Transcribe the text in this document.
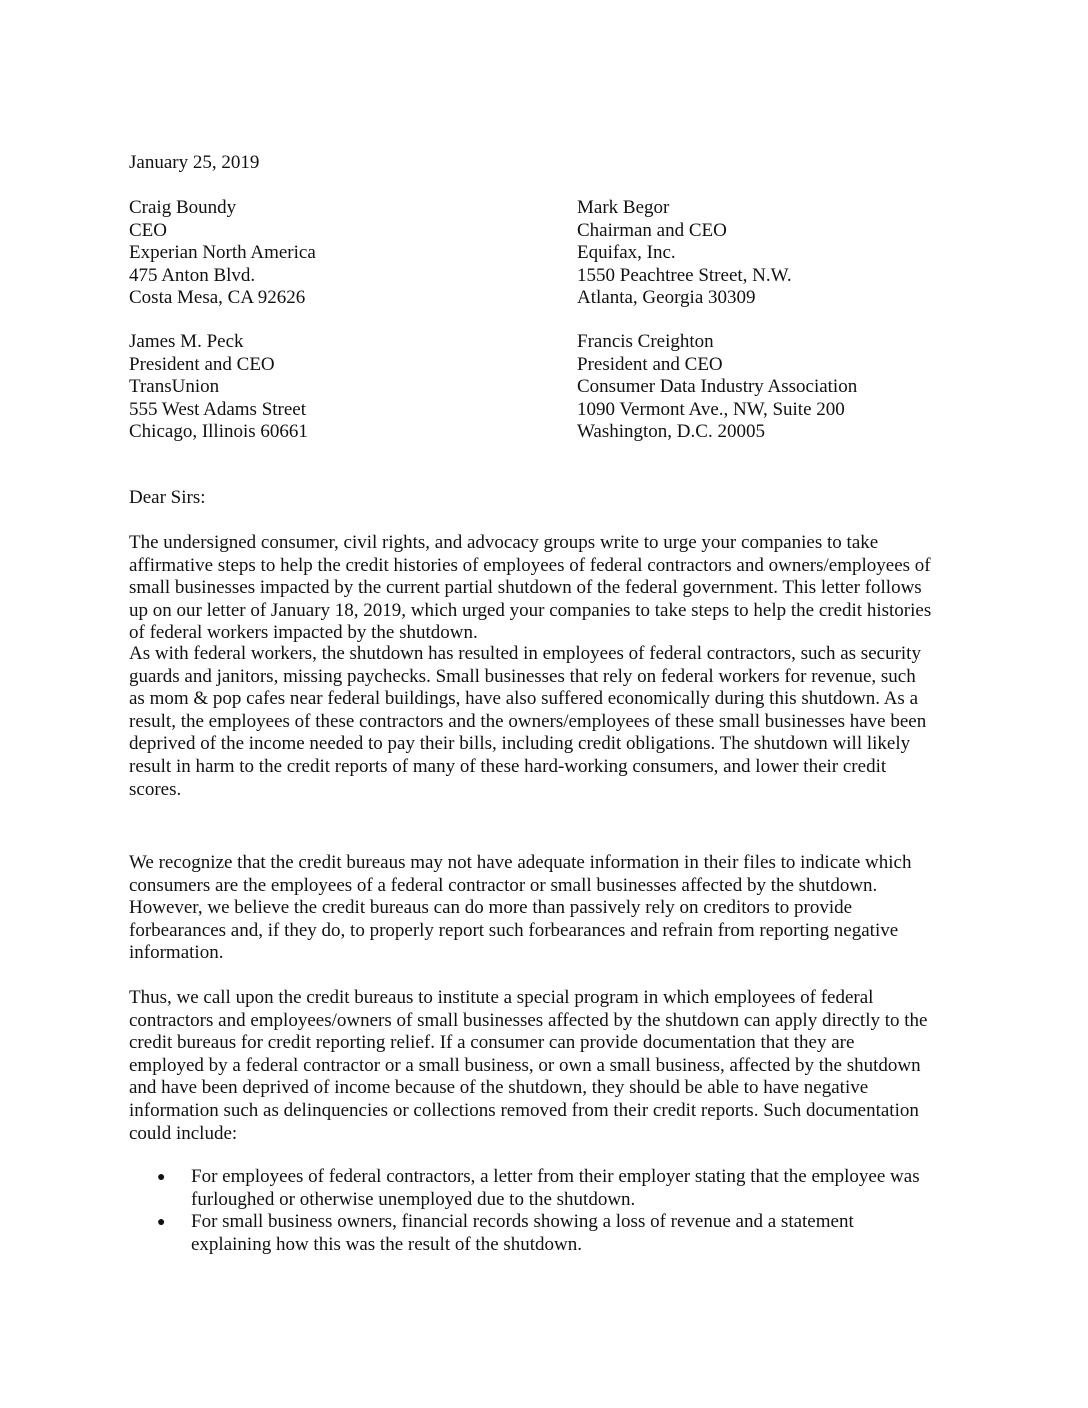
January 25, 2019

Craig Boundy
CEO
Experian North America
475 Anton Blvd.
Costa Mesa, CA 92626
Mark Begor
Chairman and CEO
Equifax, Inc.
1550 Peachtree Street, N.W.
Atlanta, Georgia 30309
James M. Peck
President and CEO
TransUnion
555 West Adams Street
Chicago, Illinois 60661
Francis Creighton
President and CEO
Consumer Data Industry Association
1090 Vermont Ave., NW, Suite 200
Washington, D.C. 20005

Dear Sirs:

The undersigned consumer, civil rights, and advocacy groups write to urge your companies to take
affirmative steps to help the credit histories of employees of federal contractors and owners/employees of
small businesses impacted by the current partial shutdown of the federal government. This letter follows
up on our letter of January 18, 2019, which urged your companies to take steps to help the credit histories
of federal workers impacted by the shutdown.

As with federal workers, the shutdown has resulted in employees of federal contractors, such as security
guards and janitors, missing paychecks. Small businesses that rely on federal workers for revenue, such
as mom & pop cafes near federal buildings, have also suffered economically during this shutdown. As a
result, the employees of these contractors and the owners/employees of these small businesses have been
deprived of the income needed to pay their bills, including credit obligations. The shutdown will likely
result in harm to the credit reports of many of these hard-working consumers, and lower their credit
scores.

We recognize that the credit bureaus may not have adequate information in their files to indicate which
consumers are the employees of a federal contractor or small businesses affected by the shutdown.
However, we believe the credit bureaus can do more than passively rely on creditors to provide
forbearances and, if they do, to properly report such forbearances and refrain from reporting negative
information.

Thus, we call upon the credit bureaus to institute a special program in which employees of federal
contractors and employees/owners of small businesses affected by the shutdown can apply directly to the
credit bureaus for credit reporting relief. If a consumer can provide documentation that they are
employed by a federal contractor or a small business, or own a small business, affected by the shutdown
and have been deprived of income because of the shutdown, they should be able to have negative
information such as delinquencies or collections removed from their credit reports. Such documentation
could include:

● For employees of federal contractors, a letter from their employer stating that the employee was
furloughed or otherwise unemployed due to the shutdown.
● For small business owners, financial records showing a loss of revenue and a statement
explaining how this was the result of the shutdown.
